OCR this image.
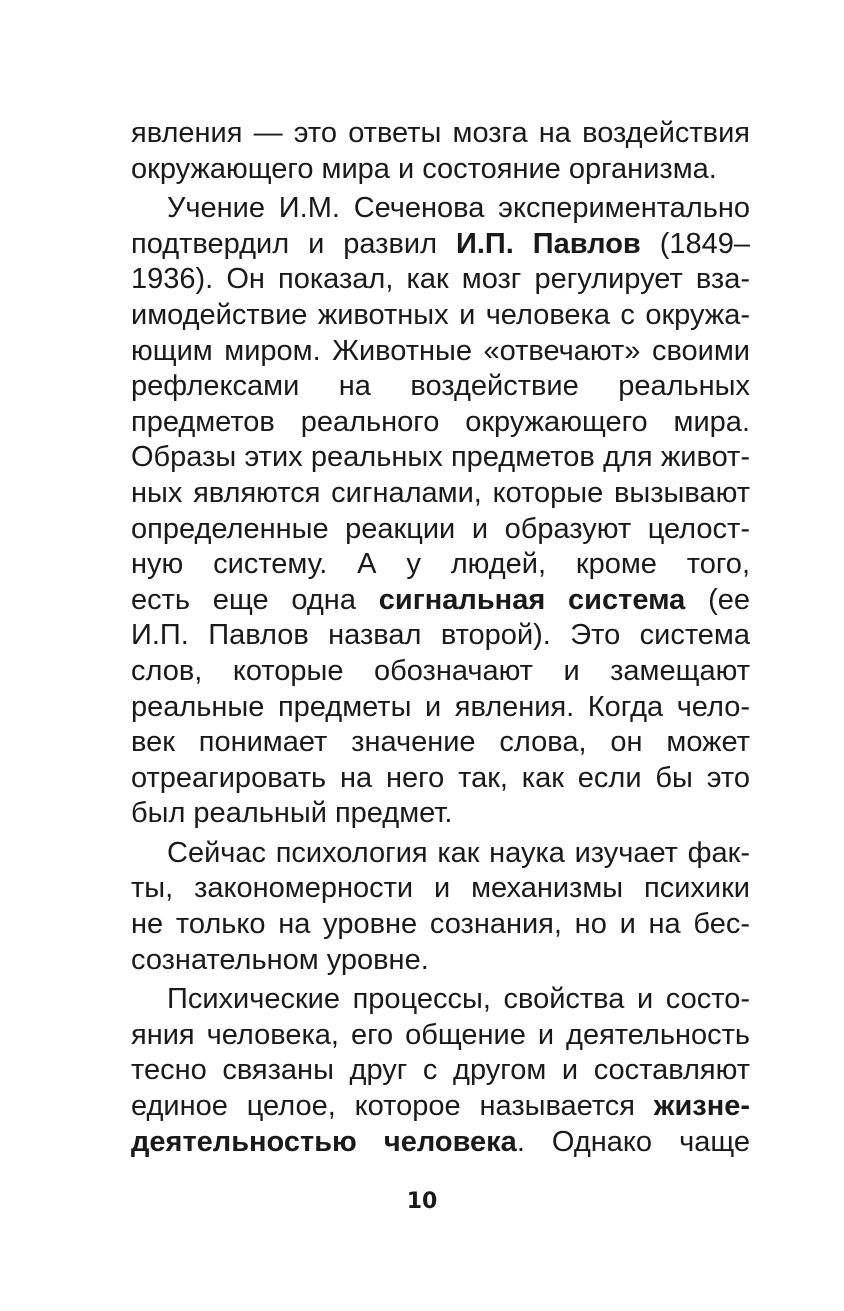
явления — это ответы мозга на воздействия
окружающего мира и состояние организма.
Учение И.М. Сеченова экспериментально
подтвердил и развил И.П. Павлов (1849–
1936). Он показал, как мозг регулирует вза-
имодействие животных и человека с окружа-
ющим миром. Животные «отвечают» своими
рефлексами на воздействие реальных
предметов реального окружающего мира.
Образы этих реальных предметов для живот-
ных являются сигналами, которые вызывают
определенные реакции и образуют целост-
ную систему. А у людей, кроме того,
есть еще одна сигнальная система (ее
И.П. Павлов назвал второй). Это система
слов, которые обозначают и замещают
реальные предметы и явления. Когда чело-
век понимает значение слова, он может
отреагировать на него так, как если бы это
был реальный предмет.
Сейчас психология как наука изучает фак-
ты, закономерности и механизмы психики
не только на уровне сознания, но и на бес-
сознательном уровне.
Психические процессы, свойства и состо-
яния человека, его общение и деятельность
тесно связаны друг с другом и составляют
единое целое, которое называется жизне-
деятельностью человека. Однако чаще
10
